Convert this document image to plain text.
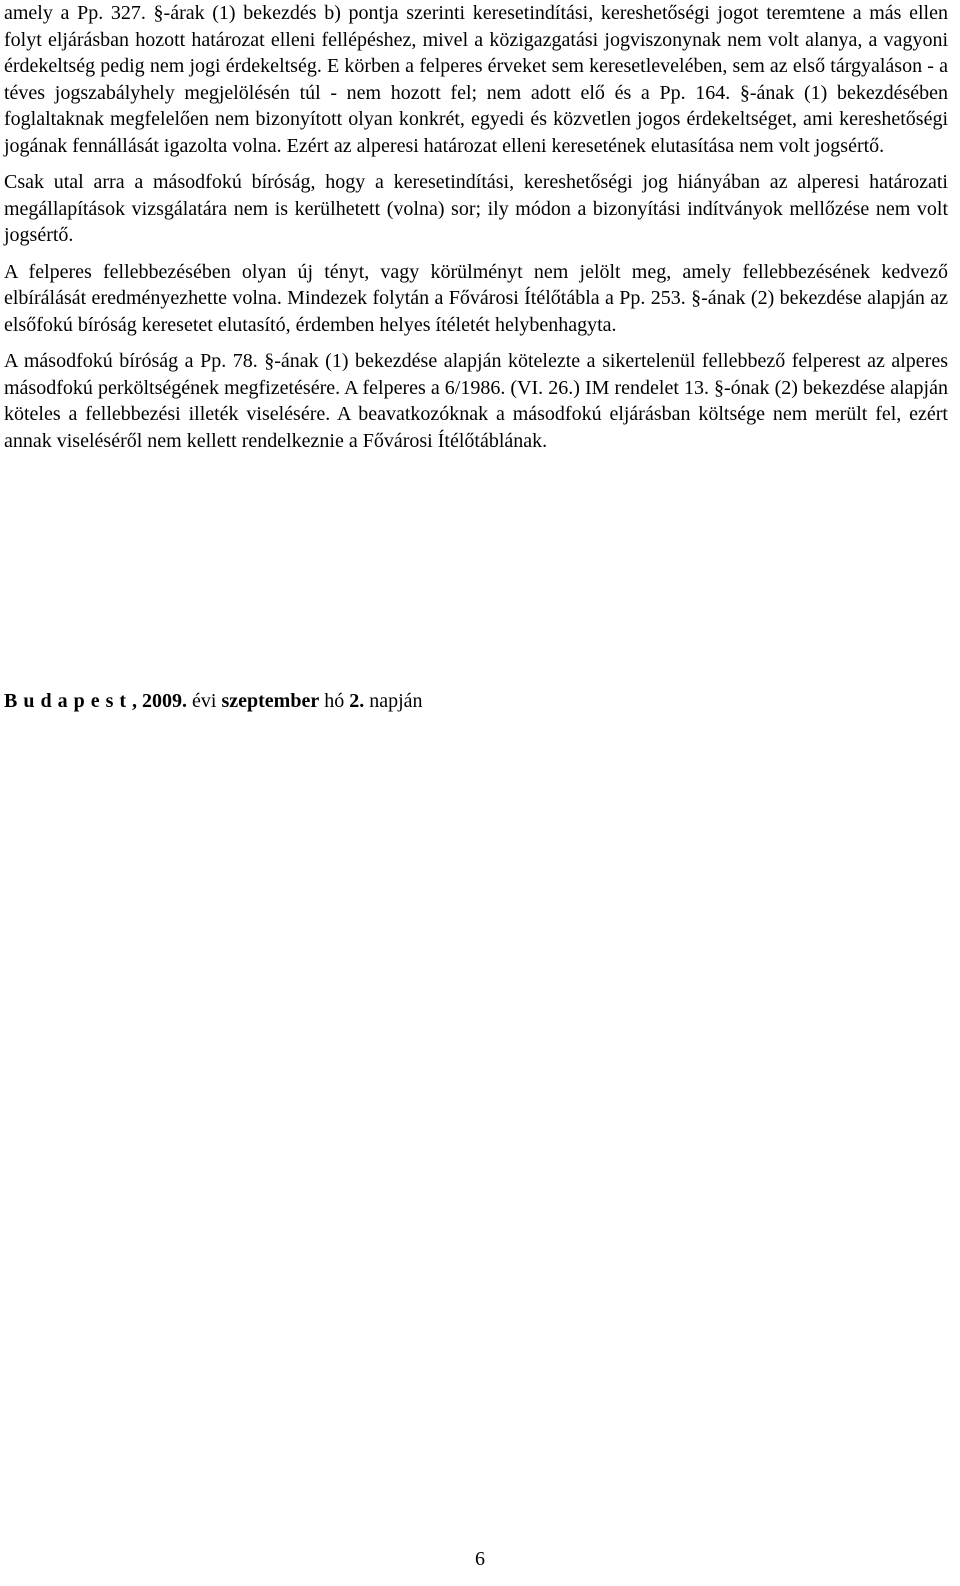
amely a Pp. 327. §-árak (1) bekezdés b) pontja szerinti keresetindítási, kereshetőségi jogot teremtene a más ellen folyt eljárásban hozott határozat elleni fellépéshez, mivel a közigazgatási jogviszonynak nem volt alanya, a vagyoni érdekeltség pedig nem jogi érdekeltség. E körben a felperes érveket sem keresetlevelében, sem az első tárgyaláson - a téves jogszabályhely megjelölésén túl - nem hozott fel; nem adott elő és a Pp. 164. §-ának (1) bekezdésében foglaltaknak megfelelően nem bizonyított olyan konkrét, egyedi és közvetlen jogos érdekeltséget, ami kereshetőségi jogának fennállását igazolta volna. Ezért az alperesi határozat elleni keresetének elutasítása nem volt jogsértő.

Csak utal arra a másodfokú bíróság, hogy a keresetindítási, kereshetőségi jog hiányában az alperesi határozati megállapítások vizsgálatára nem is kerülhetett (volna) sor; ily módon a bizonyítási indítványok mellőzése nem volt jogsértő.

A felperes fellebbezésében olyan új tényt, vagy körülményt nem jelölt meg, amely fellebbezésének kedvező elbírálását eredményezhette volna. Mindezek folytán a Fővárosi Ítélőtábla a Pp. 253. §-ának (2) bekezdése alapján az elsőfokú bíróság keresetet elutasító, érdemben helyes ítéletét helybenhagyta.

A másodfokú bíróság a Pp. 78. §-ának (1) bekezdése alapján kötelezte a sikertelenül fellebbező felperest az alperes másodfokú perköltségének megfizetésére. A felperes a 6/1986. (VI. 26.) IM rendelet 13. §-ónak (2) bekezdése alapján köteles a fellebbezési illeték viselésére. A beavatkozóknak a másodfokú eljárásban költsége nem merült fel, ezért annak viseléséről nem kellett rendelkeznie a Fővárosi Ítélőtáblának.

Budapest, 2009. évi szeptember hó 2. napján
6
